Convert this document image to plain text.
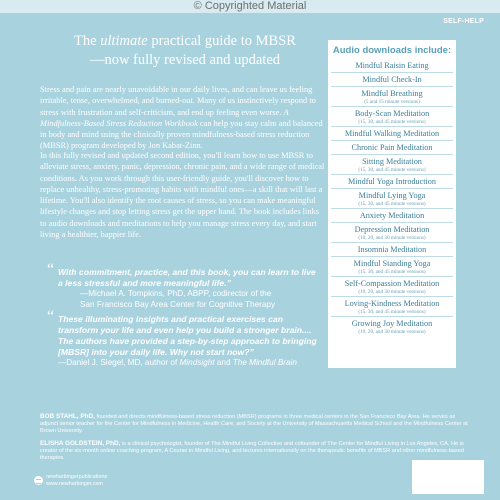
© Copyrighted Material
SELF-HELP
The ultimate practical guide to MBSR
—now fully revised and updated
Stress and pain are nearly unavoidable in our daily lives, and can leave us feeling irritable, tense, overwhelmed, and burned-out. Many of us instinctively respond to stress with frustration and self-criticism, and end up feeling even worse. A Mindfulness-Based Stress Reduction Workbook can help you stay calm and balanced in body and mind using the clinically proven mindfulness-based stress reduction (MBSR) program developed by Jon Kabat-Zinn.
In this fully revised and updated second edition, you'll learn how to use MBSR to alleviate stress, anxiety, panic, depression, chronic pain, and a wide range of medical conditions. As you work through this user-friendly guide, you'll discover how to replace unhealthy, stress-promoting habits with mindful ones—a skill that will last a lifetime. You'll also identify the root causes of stress, so you can make meaningful lifestyle changes and stop letting stress get the upper hand. The book includes links to audio downloads and meditations to help you manage stress every day, and start living a healthier, happier life.
Audio downloads include:
Mindful Raisin Eating
Mindful Check-In
Mindful Breathing
(5 and 15 minute versions)
Body-Scan Meditation
(15, 30, and 45 minute versions)
Mindful Walking Meditation
Chronic Pain Meditation
Sitting Meditation
(15, 30, and 45 minute versions)
Mindful Yoga Introduction
Mindful Lying Yoga
(15, 30, and 45 minute versions)
Anxiety Meditation
Depression Meditation
(10, 20, and 30 minute versions)
Insomnia Meditation
Mindful Standing Yoga
(15, 30, and 45 minute versions)
Self-Compassion Meditation
(10, 20, and 30 minute versions)
Loving-Kindness Meditation
(15, 30, and 45 minute versions)
Growing Joy Meditation
(10, 20, and 30 minute versions)
“ With commitment, practice, and this book, you can learn to live a less stressful and more meaningful life.”
—Michael A. Tompkins, PhD, ABPP, codirector of the
San Francisco Bay Area Center for Cognitive Therapy
“ These illuminating insights and practical exercises can transform your life and even help you build a stronger brain.... The authors have provided a step-by-step approach to bringing [MBSR] into your daily life. Why not start now?”
—Daniel J. Siegel, MD, author of Mindsight and The Mindful Brain
BOB STAHL, PhD, founded and directs mindfulness-based stress reduction (MBSR) programs in three medical centers in the San Francisco Bay Area. He serves as adjunct senior teacher for the Center for Mindfulness in Medicine, Health Care, and Society at the University of Massachusetts Medical School and the Mindfulness Center at Brown University.
ELISHA GOLDSTEIN, PhD, is a clinical psychologist, founder of The Mindful Living Collective and cofounder of The Center for Mindful Living in Los Angeles, CA. He is creator of the six-month online coaching program, A Course in Mindful Living, and lectures internationally on the therapeutic benefits of MBSR and other mindfulness-based therapies.
newharbingerpublications
www.newharbinger.com
